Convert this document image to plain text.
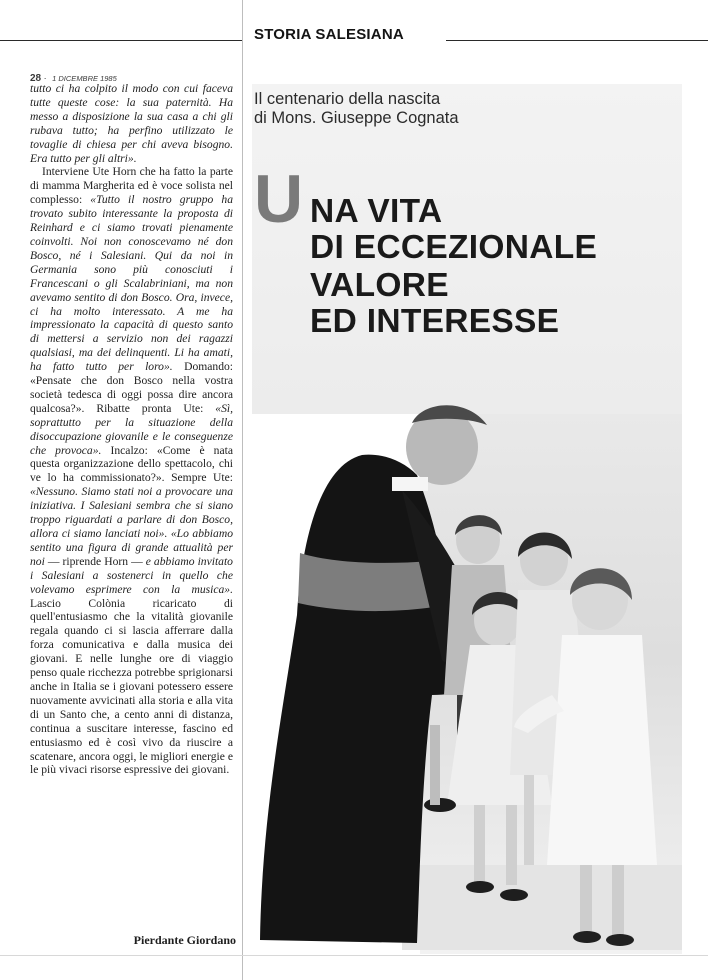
STORIA SALESIANA
28 · 1 DICEMBRE 1985

tutto ci ha colpito il modo con cui faceva tutte queste cose: la sua paternità. Ha messo a disposizione la sua casa a chi gli rubava tutto; ha perfino utilizzato le tovaglie di chiesa per chi aveva bisogno. Era tutto per gli altri».

Interviene Ute Horn che ha fatto la parte di mamma Margherita ed è voce solista nel complesso: «Tutto il nostro gruppo ha trovato subito interessante la proposta di Reinhard e ci siamo trovati pienamente coinvolti. Noi non conoscevamo né don Bosco, né i Salesiani. Qui da noi in Germania sono più conosciuti i Francescani o gli Scalabriniani, ma non avevamo sentito di don Bosco. Ora, invece, ci ha molto interessato. A me ha impressionato la capacità di questo santo di mettersi a servizio non dei ragazzi qualsiasi, ma dei delinquenti. Li ha amati, ha fatto tutto per loro». Domando: «Pensate che don Bosco nella vostra società tedesca di oggi possa dire ancora qualcosa?». Ribatte pronta Ute: «Sì, soprattutto per la situazione della disoccupazione giovanile e le conseguenze che provoca». Incalzo: «Come è nata questa organizzazione dello spettacolo, chi ve lo ha commissionato?». Sempre Ute: «Nessuno. Siamo stati noi a provocare una iniziativa. I Salesiani sembra che si siano troppo riguardati a parlare di don Bosco, allora ci siamo lanciati noi». «Lo abbiamo sentito una figura di grande attualità per noi — riprende Horn — e abbiamo invitato i Salesiani a sostenerci in quello che volevamo esprimere con la musica». Lascio Colònia ricaricato di quell'entusiasmo che la vitalità giovanile regala quando ci si lascia afferrare dalla forza comunicativa e dalla musica dei giovani. E nelle lunghe ore di viaggio penso quale ricchezza potrebbe sprigionarsi anche in Italia se i giovani potessero essere nuovamente avvicinati alla storia e alla vita di un Santo che, a cento anni di distanza, continua a suscitare interesse, fascino ed entusiasmo ed è così vivo da riuscire a scatenare, ancora oggi, le migliori energie e le più vivaci risorse espressive dei giovani.

Pierdante Giordano
Il centenario della nascita
di Mons. Giuseppe Cognata
U NA VITA
DI ECCEZIONALE
VALORE
ED INTERESSE
